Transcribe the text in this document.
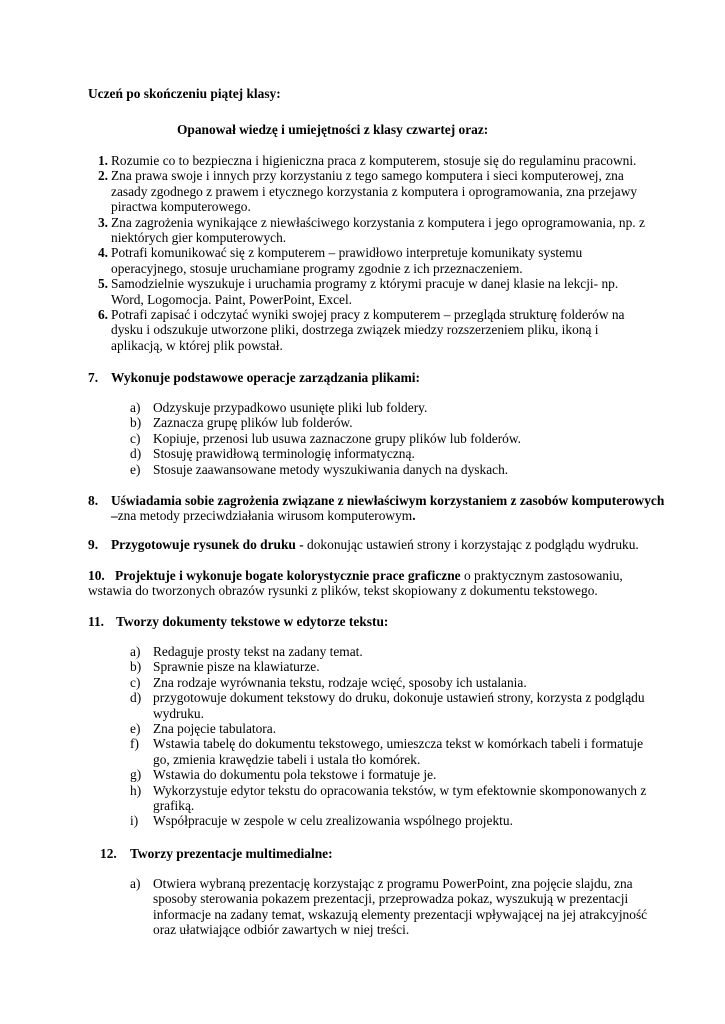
Uczeń po skończeniu piątej klasy:
Opanował wiedzę i umiejętności z klasy czwartej oraz:
1. Rozumie co to bezpieczna i higieniczna praca z komputerem, stosuje się do regulaminu pracowni.
2. Zna prawa swoje i innych przy korzystaniu z tego samego komputera i sieci komputerowej, zna zasady zgodnego z prawem i etycznego korzystania z komputera i oprogramowania, zna przejawy piractwa komputerowego.
3. Zna zagrożenia wynikające z niewłaściwego korzystania z komputera i jego oprogramowania, np. z niektórych gier komputerowych.
4. Potrafi komunikować się z komputerem – prawidłowo interpretuje komunikaty systemu operacyjnego, stosuje uruchamiane programy zgodnie z ich przeznaczeniem.
5. Samodzielnie wyszukuje i uruchamia programy z którymi pracuje w danej klasie na lekcji- np. Word, Logomocja. Paint, PowerPoint, Excel.
6. Potrafi zapisać i odczytać wyniki swojej pracy z komputerem – przegląda strukturę folderów na dysku i odszukuje utworzone pliki, dostrzega związek miedzy rozszerzeniem pliku, ikoną i aplikacją, w której plik powstał.
7. Wykonuje podstawowe operacje zarządzania plikami:
a) Odzyskuje przypadkowo usunięte pliki lub foldery.
b) Zaznacza grupę plików lub folderów.
c) Kopiuje, przenosi lub usuwa zaznaczone grupy plików lub folderów.
d) Stosuję prawidłową terminologię informatyczną.
e) Stosuje zaawansowane metody wyszukiwania danych na dyskach.
8. Uświadamia sobie zagrożenia związane z niewłaściwym korzystaniem z zasobów komputerowych –zna metody przeciwdziałania wirusom komputerowym.
9. Przygotowuje rysunek do druku - dokonując ustawień strony i korzystając z podglądu wydruku.
10. Projektuje i wykonuje bogate kolorystycznie prace graficzne o praktycznym zastosowaniu, wstawia do tworzonych obrazów rysunki z plików, tekst skopiowany z dokumentu tekstowego.
11. Tworzy dokumenty tekstowe w edytorze tekstu:
a) Redaguje prosty tekst na zadany temat.
b) Sprawnie pisze na klawiaturze.
c) Zna rodzaje wyrównania tekstu, rodzaje wcięć, sposoby ich ustalania.
d) przygotowuje dokument tekstowy do druku, dokonuje ustawień strony, korzysta z podglądu wydruku.
e) Zna pojęcie tabulatora.
f) Wstawia tabelę do dokumentu tekstowego, umieszcza tekst w komórkach tabeli i formatuje go, zmienia krawędzie tabeli i ustala tło komórek.
g) Wstawia do dokumentu pola tekstowe i formatuje je.
h) Wykorzystuje edytor tekstu do opracowania tekstów, w tym efektownie skomponowanych z grafiką.
i) Współpracuje w zespole w celu zrealizowania wspólnego projektu.
12. Tworzy prezentacje multimedialne:
a) Otwiera wybraną prezentację korzystając z programu PowerPoint, zna pojęcie slajdu, zna sposoby sterowania pokazem prezentacji, przeprowadza pokaz, wyszukują w prezentacji informacje na zadany temat, wskazują elementy prezentacji wpływającej na jej atrakcyjność oraz ułatwiające odbiór zawartych w niej treści.
